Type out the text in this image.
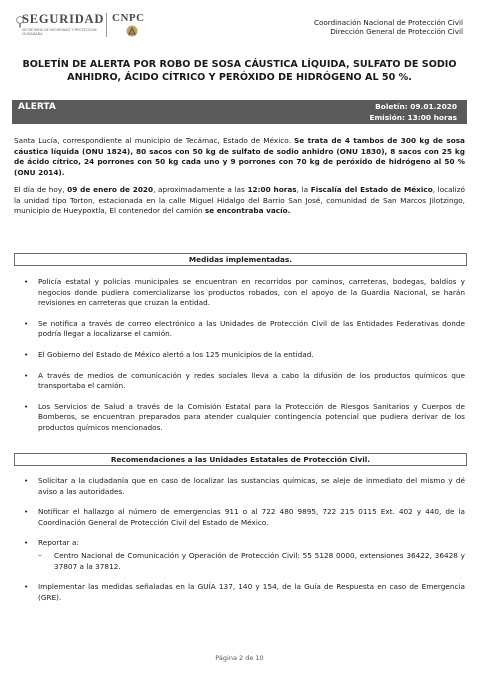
SEGURIDAD
SECRETARÍA DE SEGURIDAD Y PROTECCIÓN CIUDADANA
CNPC	Coordinación Nacional de Protección Civil
Dirección General de Protección Civil
BOLETÍN DE ALERTA POR ROBO DE SOSA CÁUSTICA LÍQUIDA, SULFATO DE SODIO ANHIDRO, ÁCIDO CÍTRICO Y PERÓXIDO DE HIDRÓGENO AL 50 %.
ALERTA	Boletín: 09.01.2020
Emisión: 13:00 horas
Santa Lucía, correspondiente al municipio de Tecámac, Estado de México. Se trata de 4 tambos de 300 kg de sosa cáustica líquida (ONU 1824), 80 sacos con 50 kg de sulfato de sodio anhidro (ONU 1830), 8 sacos con 25 kg de ácido cítrico, 24 porrones con 50 kg cada uno y 9 porrones con 70 kg de peróxido de hidrógeno al 50 % (ONU 2014).
El día de hoy, 09 de enero de 2020, aproximadamente a las 12:00 horas, la Fiscalía del Estado de México, localizó la unidad tipo Torton, estacionada en la calle Miguel Hidalgo del Barrio San José, comunidad de San Marcos Jilotzingo, municipio de Hueypoxtla, El contenedor del camión se encontraba vacío.
Medidas implementadas.
• Policía estatal y policías municipales se encuentran en recorridos por caminos, carreteras, bodegas, baldíos y negocios donde pudiera comercializarse los productos robados, con el apoyo de la Guardia Nacional, se harán revisiones en carreteras que cruzan la entidad.
• Se notifica a través de correo electrónico a las Unidades de Protección Civil de las Entidades Federativas donde podría llegar a localizarse el camión.
• El Gobierno del Estado de México alertó a los 125 municipios de la entidad.
• A través de medios de comunicación y redes sociales lleva a cabo la difusión de los productos químicos que transportaba el camión.
• Los Servicios de Salud a través de la Comisión Estatal para la Protección de Riesgos Sanitarios y Cuerpos de Bomberos, se encuentran preparados para atender cualquier contingencia potencial que pudiera derivar de los productos químicos mencionados.
Recomendaciones a las Unidades Estatales de Protección Civil.
• Solicitar a la ciudadanía que en caso de localizar las sustancias químicas, se aleje de inmediato del mismo y dé aviso a las autoridades.
• Notificar el hallazgo al número de emergencias 911 o al 722 480 9895, 722 215 0115 Ext. 402 y 440, de la Coordinación General de Protección Civil del Estado de México.
• Reportar a:
– Centro Nacional de Comunicación y Operación de Protección Civil: 55 5128 0000, extensiones 36422, 36428 y 37807 a la 37812.
• Implementar las medidas señaladas en la GUÍA 137, 140 y 154, de la Guía de Respuesta en caso de Emergencia (GRE).
Página 2 de 10
